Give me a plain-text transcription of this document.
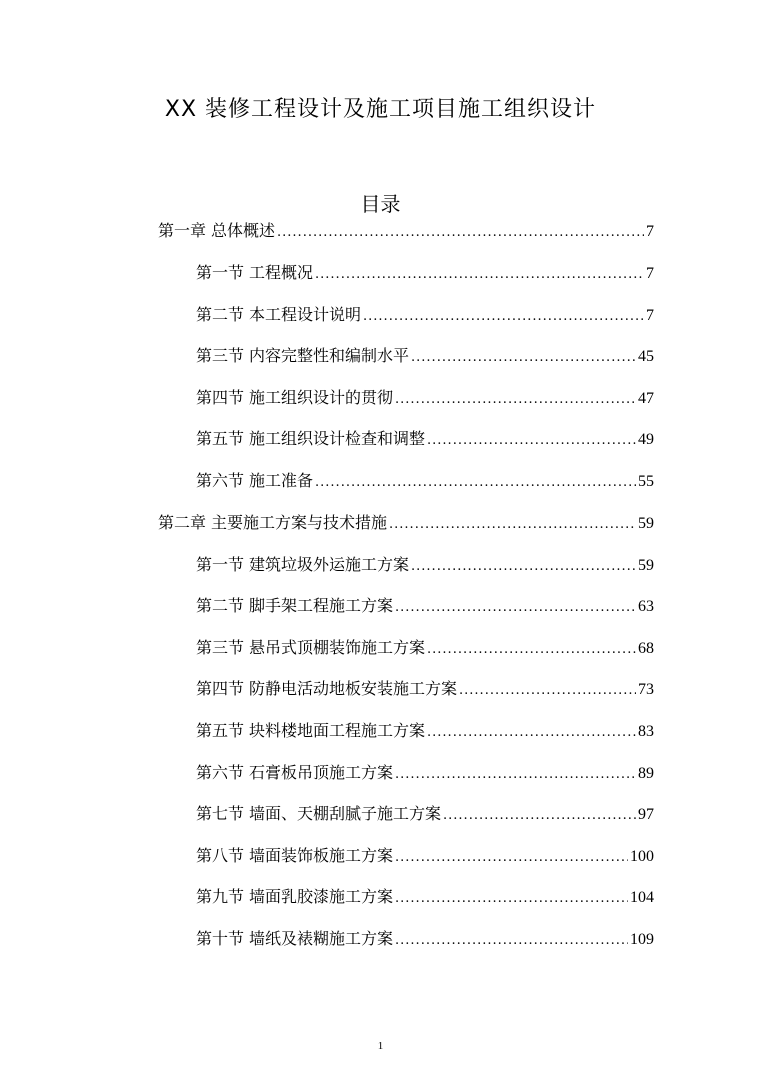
XX 装修工程设计及施工项目施工组织设计
目录
第一章 总体概述 .....	7
第一节 工程概况 .....	7
第二节 本工程设计说明 .....	7
第三节 内容完整性和编制水平 .....	45
第四节 施工组织设计的贯彻 .....	47
第五节 施工组织设计检查和调整 .....	49
第六节 施工准备 .....	55
第二章 主要施工方案与技术措施 .....	59
第一节 建筑垃圾外运施工方案 .....	59
第二节 脚手架工程施工方案 .....	63
第三节 悬吊式顶棚装饰施工方案 .....	68
第四节 防静电活动地板安装施工方案 .....	73
第五节 块料楼地面工程施工方案 .....	83
第六节 石膏板吊顶施工方案 .....	89
第七节 墙面、天棚刮腻子施工方案 .....	97
第八节 墙面装饰板施工方案 .....	100
第九节 墙面乳胶漆施工方案 .....	104
第十节 墙纸及裱糊施工方案 .....	109
1
